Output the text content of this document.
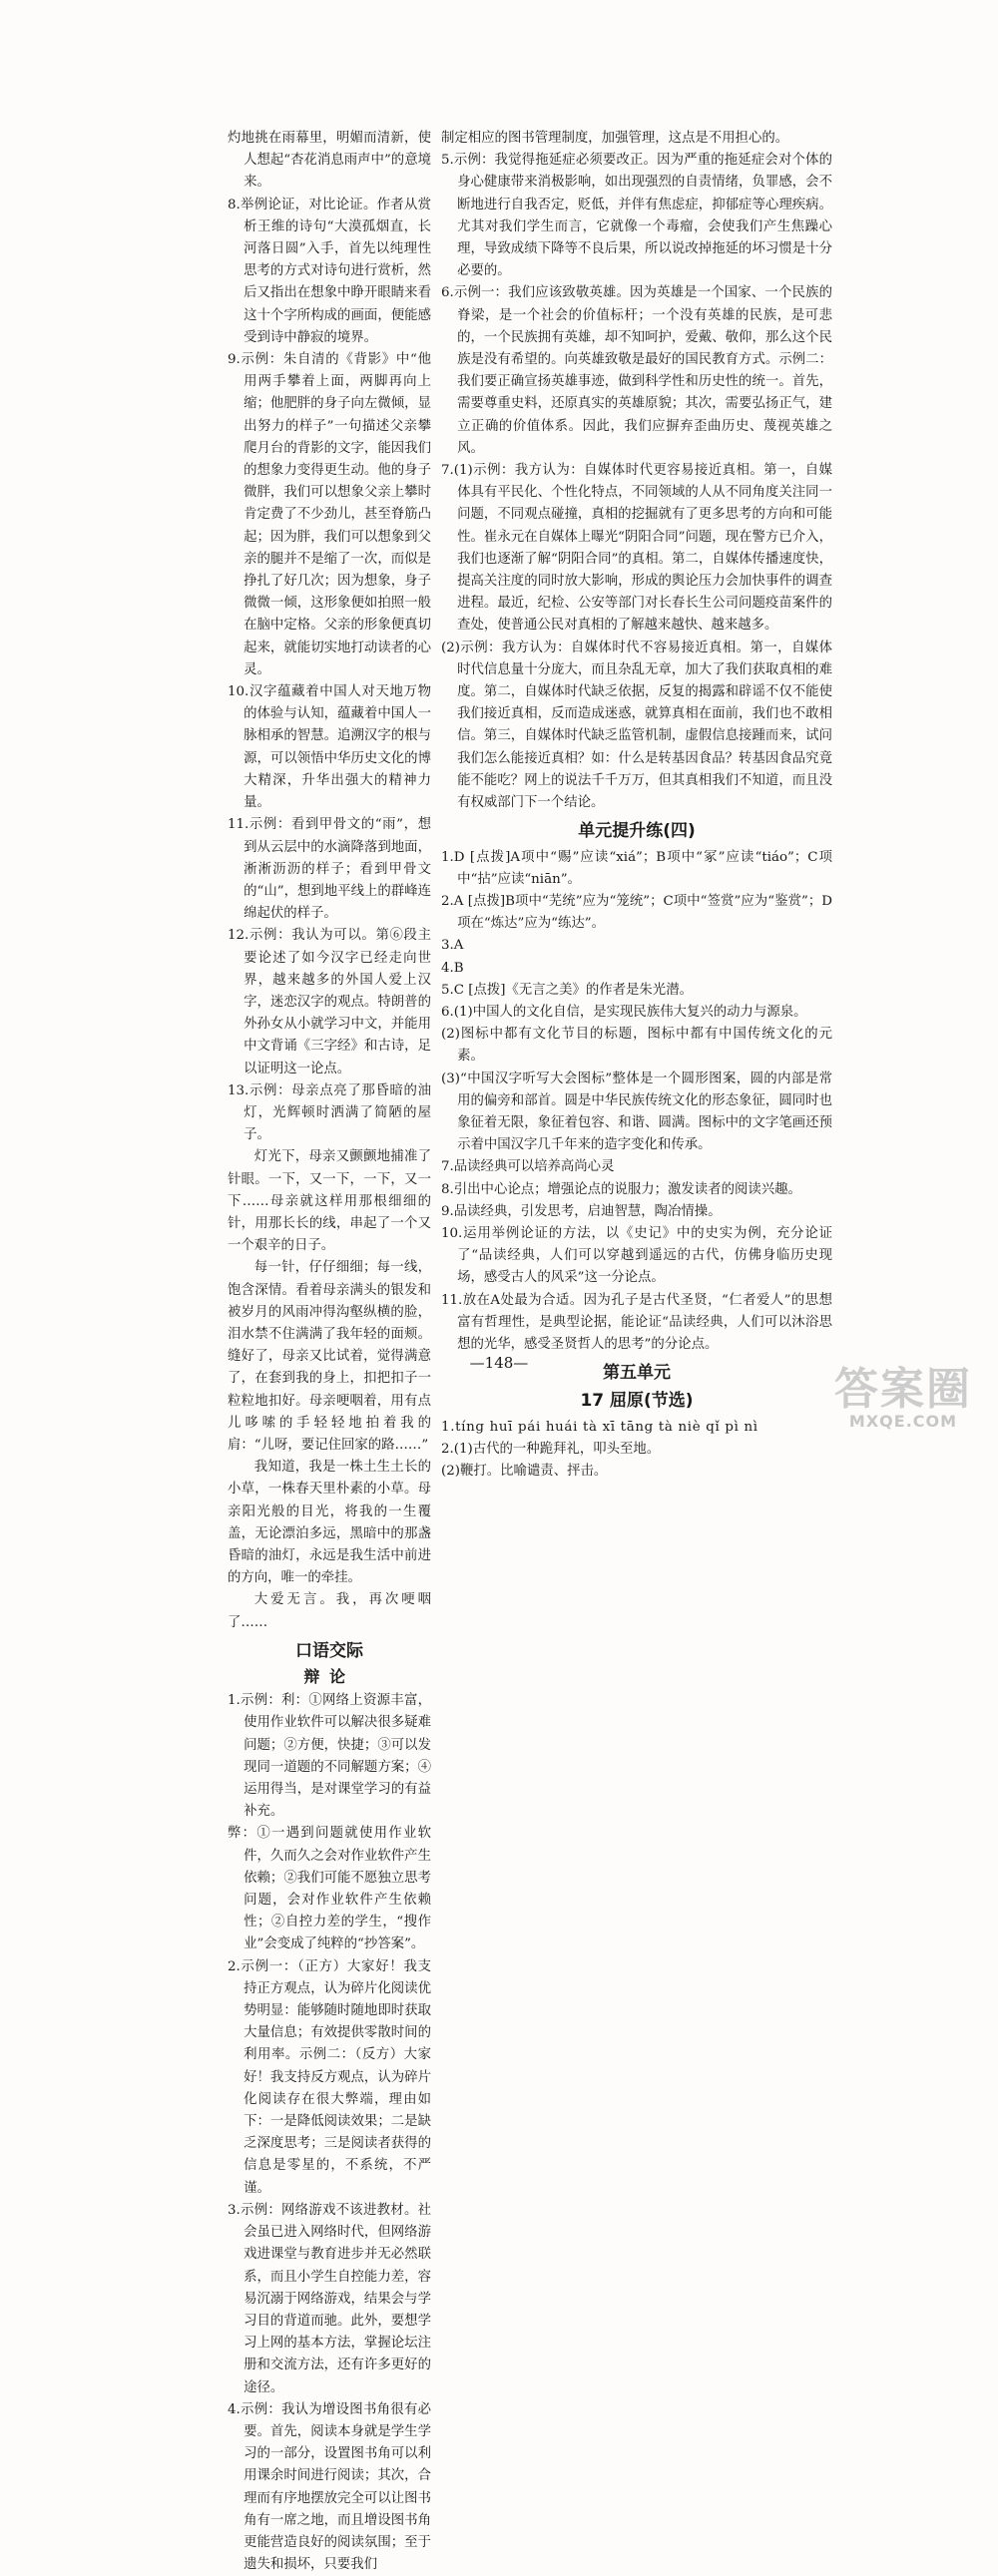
灼地挑在雨幕里，明媚而清新，使人想起“杏花消息雨声中”的意境来。

8.举例论证，对比论证。作者从赏析王维的诗句“大漠孤烟直，长河落日圆”入手，首先以纯理性思考的方式对诗句进行赏析，然后又指出在想象中睁开眼睛来看这十个字所构成的画面，便能感受到诗中静寂的境界。

9.示例：朱自清的《背影》中“他用两手攀着上面，两脚再向上缩；他肥胖的身子向左微倾，显出努力的样子”一句描述父亲攀爬月台的背影的文字，能因我们的想象力变得更生动。他的身子微胖，我们可以想象父亲上攀时肯定费了不少劲儿，甚至脊筋凸起；因为胖，我们可以想象到父亲的腿并不是缩了一次，而似是挣扎了好几次；因为想象，身子微微一倾，这形象便如拍照一般在脑中定格。父亲的形象便真切起来，就能切实地打动读者的心灵。

10.汉字蕴藏着中国人对天地万物的体验与认知，蕴藏着中国人一脉相承的智慧。追溯汉字的根与源，可以领悟中华历史文化的博大精深，升华出强大的精神力量。

11.示例：看到甲骨文的“雨”，想到从云层中的水滴降落到地面，淅淅沥沥的样子；看到甲骨文的“山”，想到地平线上的群峰连绵起伏的样子。

12.示例：我认为可以。第⑥段主要论述了如今汉字已经走向世界，越来越多的外国人爱上汉字，迷恋汉字的观点。特朗普的外孙女从小就学习中文，并能用中文背诵《三字经》和古诗，足以证明这一论点。

13.示例：母亲点亮了那昏暗的油灯，光辉顿时洒满了简陋的屋子。

灯光下，母亲又颤颤地捕准了针眼。一下，又一下，一下，又一下……母亲就这样用那根细细的针，用那长长的线，串起了一个又一个艰辛的日子。

每一针，仔仔细细；每一线，饱含深情。看着母亲满头的银发和被岁月的风雨冲得沟壑纵横的脸，泪水禁不住满满了我年轻的面颊。缝好了，母亲又比试着，觉得满意了，在套到我的身上，扣把扣子一粒粒地扣好。母亲哽咽着，用有点儿哆嗦的手轻轻地拍着我的肩：“儿呀，要记住回家的路……”

我知道，我是一株土生土长的小草，一株春天里朴素的小草。母亲阳光般的目光，将我的一生覆盖，无论漂泊多远，黑暗中的那盏昏暗的油灯，永远是我生活中前进的方向，唯一的牵挂。

大爱无言。我，再次哽咽了……

口语交际

辩论

1.示例：利：①网络上资源丰富，使用作业软件可以解决很多疑难问题；②方便，快捷；③可以发现同一道题的不同解题方案；④运用得当，是对课堂学习的有益补充。

弊：①一遇到问题就使用作业软件，久而久之会对作业软件产生依赖；②我们可能不愿独立思考问题，会对作业软件产生依赖性；②自控力差的学生，“搜作业”会变成了纯粹的“抄答案”。

2.示例一：（正方）大家好！我支持正方观点，认为碎片化阅读优势明显：能够随时随地即时获取大量信息；有效提供零散时间的利用率。示例二：（反方）大家好！我支持反方观点，认为碎片化阅读存在很大弊端，理由如下：一是降低阅读效果；二是缺乏深度思考；三是阅读者获得的信息是零星的，不系统，不严谨。

3.示例：网络游戏不该进教材。社会虽已进入网络时代，但网络游戏进课堂与教育进步并无必然联系，而且小学生自控能力差，容易沉溺于网络游戏，结果会与学习目的背道而驰。此外，要想学习上网的基本方法，掌握论坛注册和交流方法，还有许多更好的途径。

4.示例：我认为增设图书角很有必要。首先，阅读本身就是学生学习的一部分，设置图书角可以利用课余时间进行阅读；其次，合理而有序地摆放完全可以让图书角有一席之地，而且增设图书角更能营造良好的阅读氛围；至于遗失和损坏，只要我们

制定相应的图书管理制度，加强管理，这点是不用担心的。

5.示例：我觉得拖延症必须要改正。因为严重的拖延症会对个体的身心健康带来消极影响，如出现强烈的自责情绪，负罪感，会不断地进行自我否定，贬低，并伴有焦虑症，抑郁症等心理疾病。尤其对我们学生而言，它就像一个毒瘤，会使我们产生焦躁心理，导致成绩下降等不良后果，所以说改掉拖延的坏习惯是十分必要的。

6.示例一：我们应该致敬英雄。因为英雄是一个国家、一个民族的脊梁，是一个社会的价值标杆；一个没有英雄的民族，是可悲的，一个民族拥有英雄，却不知呵护，爱戴、敬仰，那么这个民族是没有希望的。向英雄致敬是最好的国民教育方式。示例二：我们要正确宣扬英雄事迹，做到科学性和历史性的统一。首先，需要尊重史料，还原真实的英雄原貌；其次，需要弘扬正气，建立正确的价值体系。因此，我们应摒弃歪曲历史、蔑视英雄之风。

7.(1)示例：我方认为：自媒体时代更容易接近真相。第一，自媒体具有平民化、个性化特点，不同领域的人从不同角度关注同一问题，不同观点碰撞，真相的挖掘就有了更多思考的方向和可能性。崔永元在自媒体上曝光“阴阳合同”问题，现在警方已介入，我们也逐渐了解“阴阳合同”的真相。第二，自媒体传播速度快，提高关注度的同时放大影响，形成的舆论压力会加快事件的调查进程。最近，纪检、公安等部门对长春长生公司问题疫苗案件的查处，使普通公民对真相的了解越来越快、越来越多。

(2)示例：我方认为：自媒体时代不容易接近真相。第一，自媒体时代信息量十分庞大，而且杂乱无章，加大了我们获取真相的难度。第二，自媒体时代缺乏依据，反复的揭露和辟谣不仅不能使我们接近真相，反而造成迷惑，就算真相在面前，我们也不敢相信。第三，自媒体时代缺乏监管机制，虚假信息接踵而来，试问我们怎么能接近真相？如：什么是转基因食品？转基因食品究竟能不能吃？网上的说法千千万万，但其真相我们不知道，而且没有权威部门下一个结论。

单元提升练(四)

1.D [点拨]A项中“赐”应读“xiá”；B项中“冢”应读“tiáo”；C项中“拈”应读“niān”。

2.A [点拨]B项中“芜统”应为“笼统”；C项中“签赏”应为“鉴赏”；D项在“炼达”应为“练达”。

3.A

4.B

5.C [点拨]《无言之美》的作者是朱光潜。

6.(1)中国人的文化自信，是实现民族伟大复兴的动力与源泉。

(2)图标中都有文化节目的标题，图标中都有中国传统文化的元素。

(3)“中国汉字听写大会图标”整体是一个圆形图案，圆的内部是常用的偏旁和部首。圆是中华民族传统文化的形态象征，圆同时也象征着无限，象征着包容、和谐、圆满。图标中的文字笔画还预示着中国汉字几千年来的造字变化和传承。

7.品读经典可以培养高尚心灵

8.引出中心论点；增强论点的说服力；激发读者的阅读兴趣。

9.品读经典，引发思考，启迪智慧，陶冶情操。

10.运用举例论证的方法，以《史记》中的史实为例，充分论证了“品读经典，人们可以穿越到遥远的古代，仿佛身临历史现场，感受古人的风采”这一分论点。

11.放在A处最为合适。因为孔子是古代圣贤，“仁者爱人”的思想富有哲理性，是典型论据，能论证“品读经典，人们可以沐浴思想的光华，感受圣贤哲人的思考”的分论点。

第五单元

17 屈原(节选)

1.tíng huī pái huái tà xī tāng tà niè qǐ pì nì

2.(1)古代的一种跪拜礼，叩头至地。

(2)鞭打。比喻谴责、抨击。

—148—
答案圈
MXQE.COM
